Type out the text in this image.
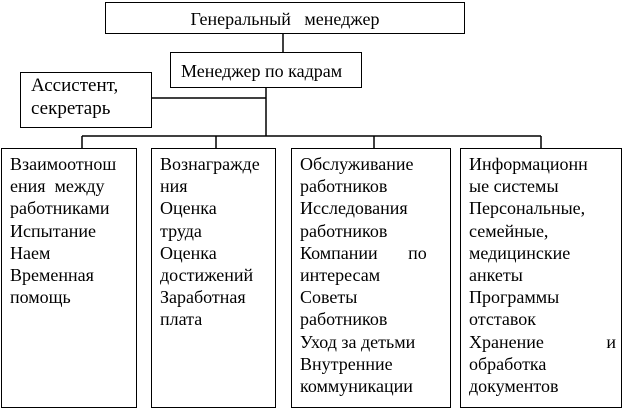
Генеральный   менеджер
Менеджер по кадрам
Ассистент,
секретарь
Взаимоотнош
ения  между
работниками
Испытание
Наем
Временная
помощь
Вознагражде
ния
Оценка
труда
Оценка
достижений
Заработная
плата
Обслуживание
работников
Исследования
работников
Компании по
интересам
Советы
работников
Уход за детьми
Внутренние
коммуникации
Информационн
ые системы
Персональные,
семейные,
медицинские
анкеты
Программы
отставок
Хранение и
обработка
документов
